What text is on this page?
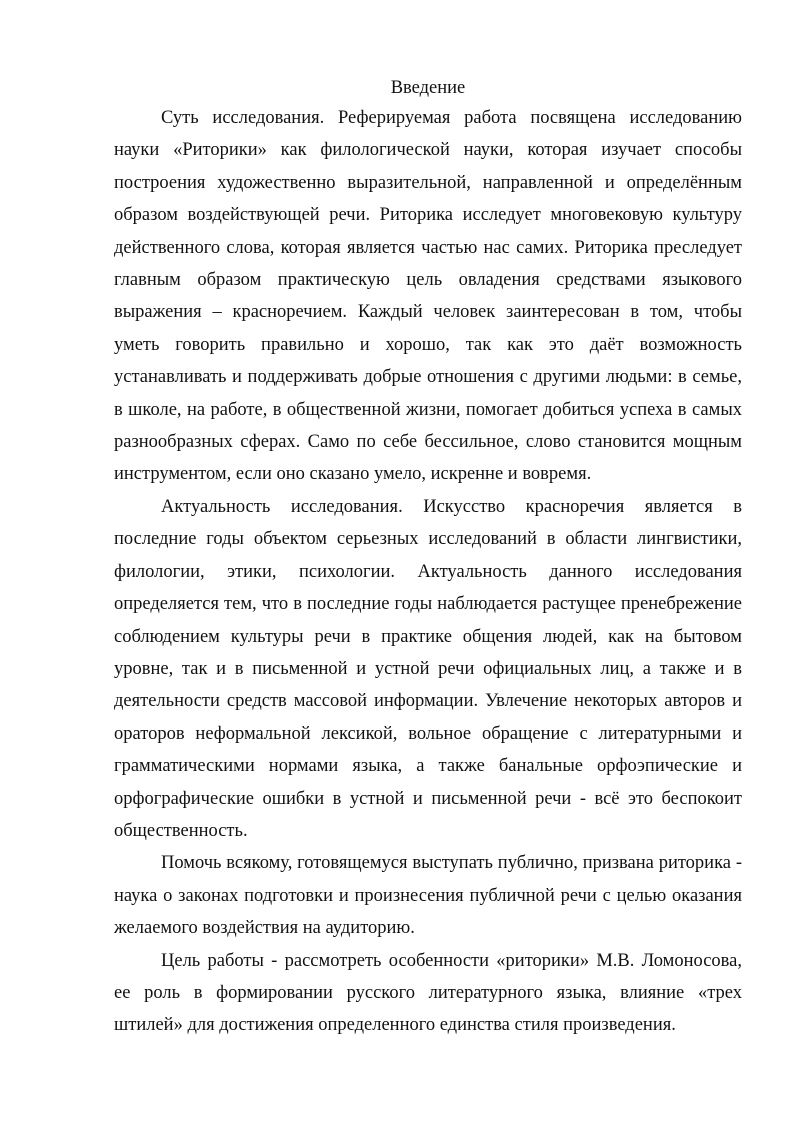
Введение

Суть исследования. Реферируемая работа посвящена исследованию науки «Риторики» как филологической науки, которая изучает способы построения художественно выразительной, направленной и определённым образом воздействующей речи. Риторика исследует многовековую культуру действенного слова, которая является частью нас самих. Риторика преследует главным образом практическую цель овладения средствами языкового выражения – красноречием. Каждый человек заинтересован в том, чтобы уметь говорить правильно и хорошо, так как это даёт возможность устанавливать и поддерживать добрые отношения с другими людьми: в семье, в школе, на работе, в общественной жизни, помогает добиться успеха в самых разнообразных сферах. Само по себе бессильное, слово становится мощным инструментом, если оно сказано умело, искренне и вовремя.

Актуальность исследования. Искусство красноречия является в последние годы объектом серьезных исследований в области лингвистики, филологии, этики, психологии. Актуальность данного исследования определяется тем, что в последние годы наблюдается растущее пренебрежение соблюдением культуры речи в практике общения людей, как на бытовом уровне, так и в письменной и устной речи официальных лиц, а также и в деятельности средств массовой информации. Увлечение некоторых авторов и ораторов неформальной лексикой, вольное обращение с литературными и грамматическими нормами языка, а также банальные орфоэпические и орфографические ошибки в устной и письменной речи - всё это беспокоит общественность.

Помочь всякому, готовящемуся выступать публично, призвана риторика - наука о законах подготовки и произнесения публичной речи с целью оказания желаемого воздействия на аудиторию.

Цель работы - рассмотреть особенности «риторики» М.В. Ломоносова, ее роль в формировании русского литературного языка, влияние «трех штилей» для достижения определенного единства стиля произведения.
